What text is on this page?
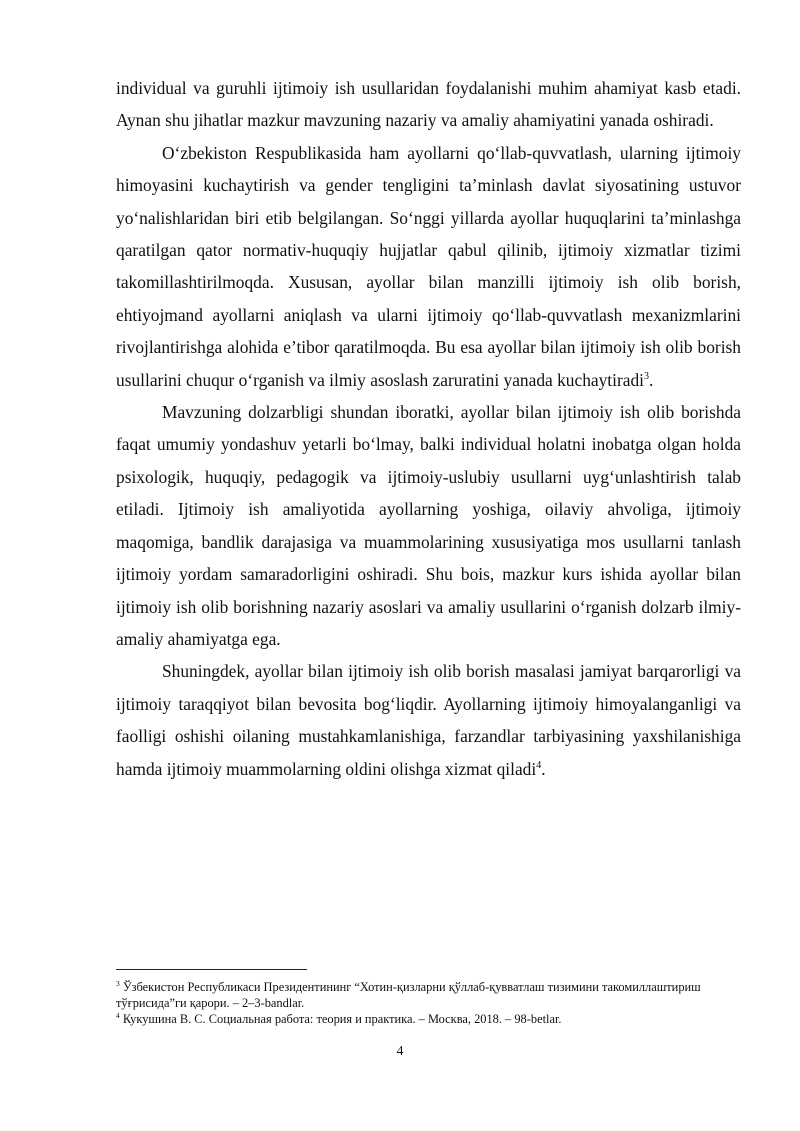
individual va guruhli ijtimoiy ish usullaridan foydalanishi muhim ahamiyat kasb etadi. Aynan shu jihatlar mazkur mavzuning nazariy va amaliy ahamiyatini yanada oshiradi.

O‘zbekiston Respublikasida ham ayollarni qo‘llab-quvvatlash, ularning ijtimoiy himoyasini kuchaytirish va gender tengligini ta’minlash davlat siyosatining ustuvor yo‘nalishlaridan biri etib belgilangan. So‘nggi yillarda ayollar huquqlarini ta’minlashga qaratilgan qator normativ-huquqiy hujjatlar qabul qilinib, ijtimoiy xizmatlar tizimi takomillashtirilmoqda. Xususan, ayollar bilan manzilli ijtimoiy ish olib borish, ehtiyojmand ayollarni aniqlash va ularni ijtimoiy qo‘llab-quvvatlash mexanizmlarini rivojlantirishga alohida e’tibor qaratilmoqda. Bu esa ayollar bilan ijtimoiy ish olib borish usullarini chuqur o‘rganish va ilmiy asoslash zaruratini yanada kuchaytiradi$^3$.

Mavzuning dolzarbligi shundan iboratki, ayollar bilan ijtimoiy ish olib borishda faqat umumiy yondashuv yetarli bo‘lmay, balki individual holatni inobatga olgan holda psixologik, huquqiy, pedagogik va ijtimoiy-uslubiy usullarni uyg‘unlashtirish talab etiladi. Ijtimoiy ish amaliyotida ayollarning yoshiga, oilaviy ahvoliga, ijtimoiy maqomiga, bandlik darajasiga va muammolarining xususiyatiga mos usullarni tanlash ijtimoiy yordam samaradorligini oshiradi. Shu bois, mazkur kurs ishida ayollar bilan ijtimoiy ish olib borishning nazariy asoslari va amaliy usullarini o‘rganish dolzarb ilmiy-amaliy ahamiyatga ega.

Shuningdek, ayollar bilan ijtimoiy ish olib borish masalasi jamiyat barqarorligi va ijtimoiy taraqqiyot bilan bevosita bog‘liqdir. Ayollarning ijtimoiy himoyalanganligi va faolligi oshishi oilaning mustahkamlanishiga, farzandlar tarbiyasining yaxshilanishiga hamda ijtimoiy muammolarning oldini olishga xizmat qiladi$^4$.

$^3$ Ўзбекистон Республикаси Президентининг “Хотин-қизларни қўллаб-қувватлаш тизимини такомиллаштириш тўғрисида”ги қарори. – 2–3-bandlar.

$^4$ Кукушина В. С. Социальная работа: теория и практика. – Москва, 2018. – 98-betlar.

4
